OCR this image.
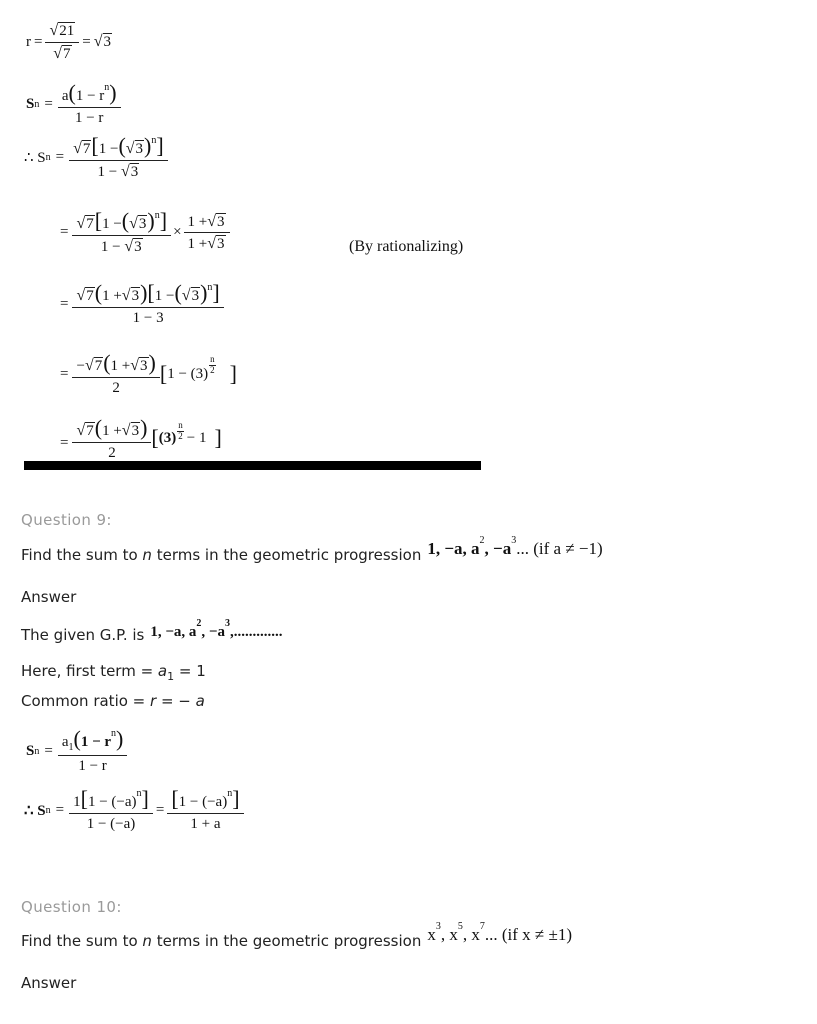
$r = \frac{√ 21}{√ 7}$ = √ 3
S $n = \frac{a(1 - r^n)}{1 - r}$
∴ S $n = \frac{√ 7 [1 -( √ 3 )^n]}{1 - √ 3}$
= $\frac{√ 7 [1 -( √ 3 )^n]}{1 - √ 3} \times \frac{1 + √ 3}{1 + √ 3}$	(By rationalizing)
= $\frac{√ 7 (1 + √ 3 )[1 -( √ 3 )^n]}{1 - 3}$
= $\frac{- √ 7 (1 + √ 3 )}{2}$ [ $1 - (3) \frac{n}{2}$ ]
= $\frac{√ 7 (1 + √ 3 )}{2}$ [ $(3) \frac{n}{2} - 1$ ]
Question 9:
Find the sum to n terms in the geometric progression 1, −a, $a^2$, $-a^3$... (if a ≠ −1)
Answer
The given G.P. is 1, −a, $a^2$, $-a^3$,.............
Here, first term = $a_1 = 1$
Common ratio = r = − a
S $n = \frac{a_1(1 - r^n)}{1 - r}$
∴ S $n = \frac{1[1 - (-a)^n]}{1 - (-a)} = \frac{[1 - (-a)^n]}{1 + a}$
Question 10:
Find the sum to n terms in the geometric progression $x^3$, $x^5$, $x^7$... (if x ≠ ±1)
Answer
